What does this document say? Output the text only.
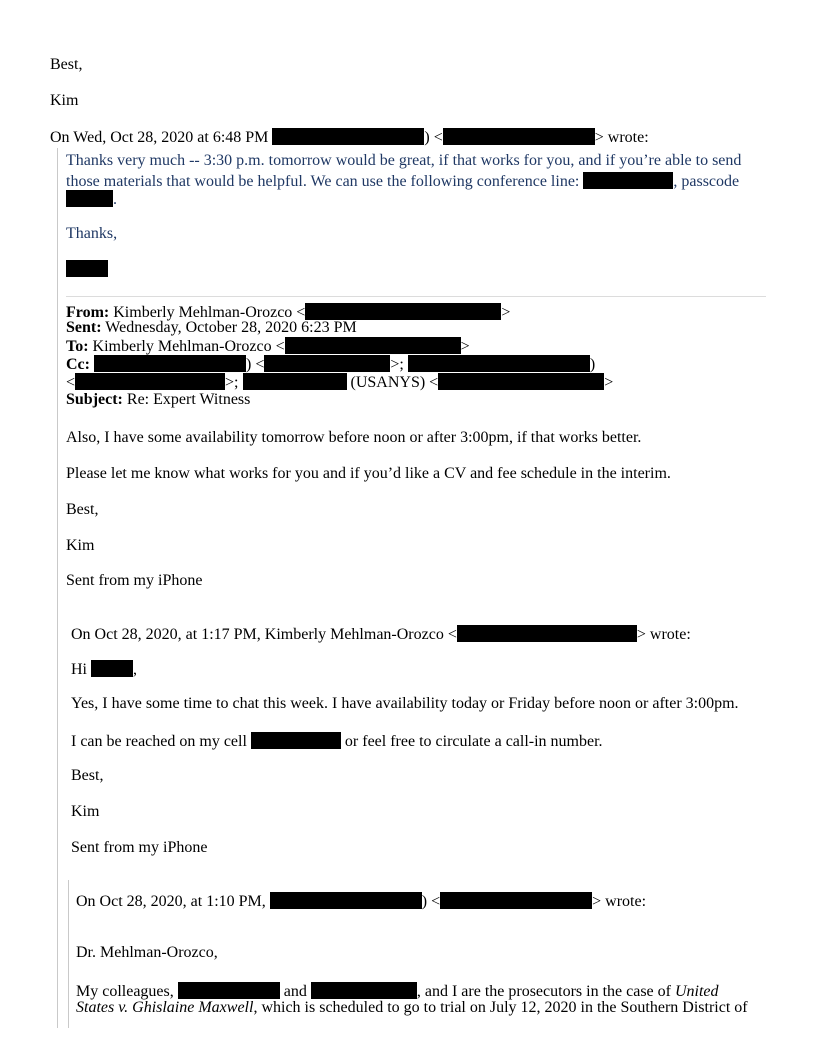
Best,
Kim
On Wed, Oct 28, 2020 at 6:48 PM	) <	> wrote:
Thanks very much -- 3:30 p.m. tomorrow would be great, if that works for you, and if you’re able to send
those materials that would be helpful. We can use the following conference line:	, passcode
.
Thanks,
From: Kimberly Mehlman-Orozco <	>
Sent: Wednesday, October 28, 2020 6:23 PM
To: Kimberly Mehlman-Orozco <	>
Cc:	) <	>;	)
<	>;	(USANYS) <	>
Subject: Re: Expert Witness
Also, I have some availability tomorrow before noon or after 3:00pm, if that works better.
Please let me know what works for you and if you’d like a CV and fee schedule in the interim.
Best,
Kim
Sent from my iPhone
On Oct 28, 2020, at 1:17 PM, Kimberly Mehlman-Orozco <	> wrote:
Hi	,
Yes, I have some time to chat this week. I have availability today or Friday before noon or after 3:00pm.
I can be reached on my cell	or feel free to circulate a call-in number.
Best,
Kim
Sent from my iPhone
On Oct 28, 2020, at 1:10 PM,	) <	> wrote:
Dr. Mehlman-Orozco,
My colleagues,	and	, and I are the prosecutors in the case of United
States v. Ghislaine Maxwell, which is scheduled to go to trial on July 12, 2020 in the Southern District of
